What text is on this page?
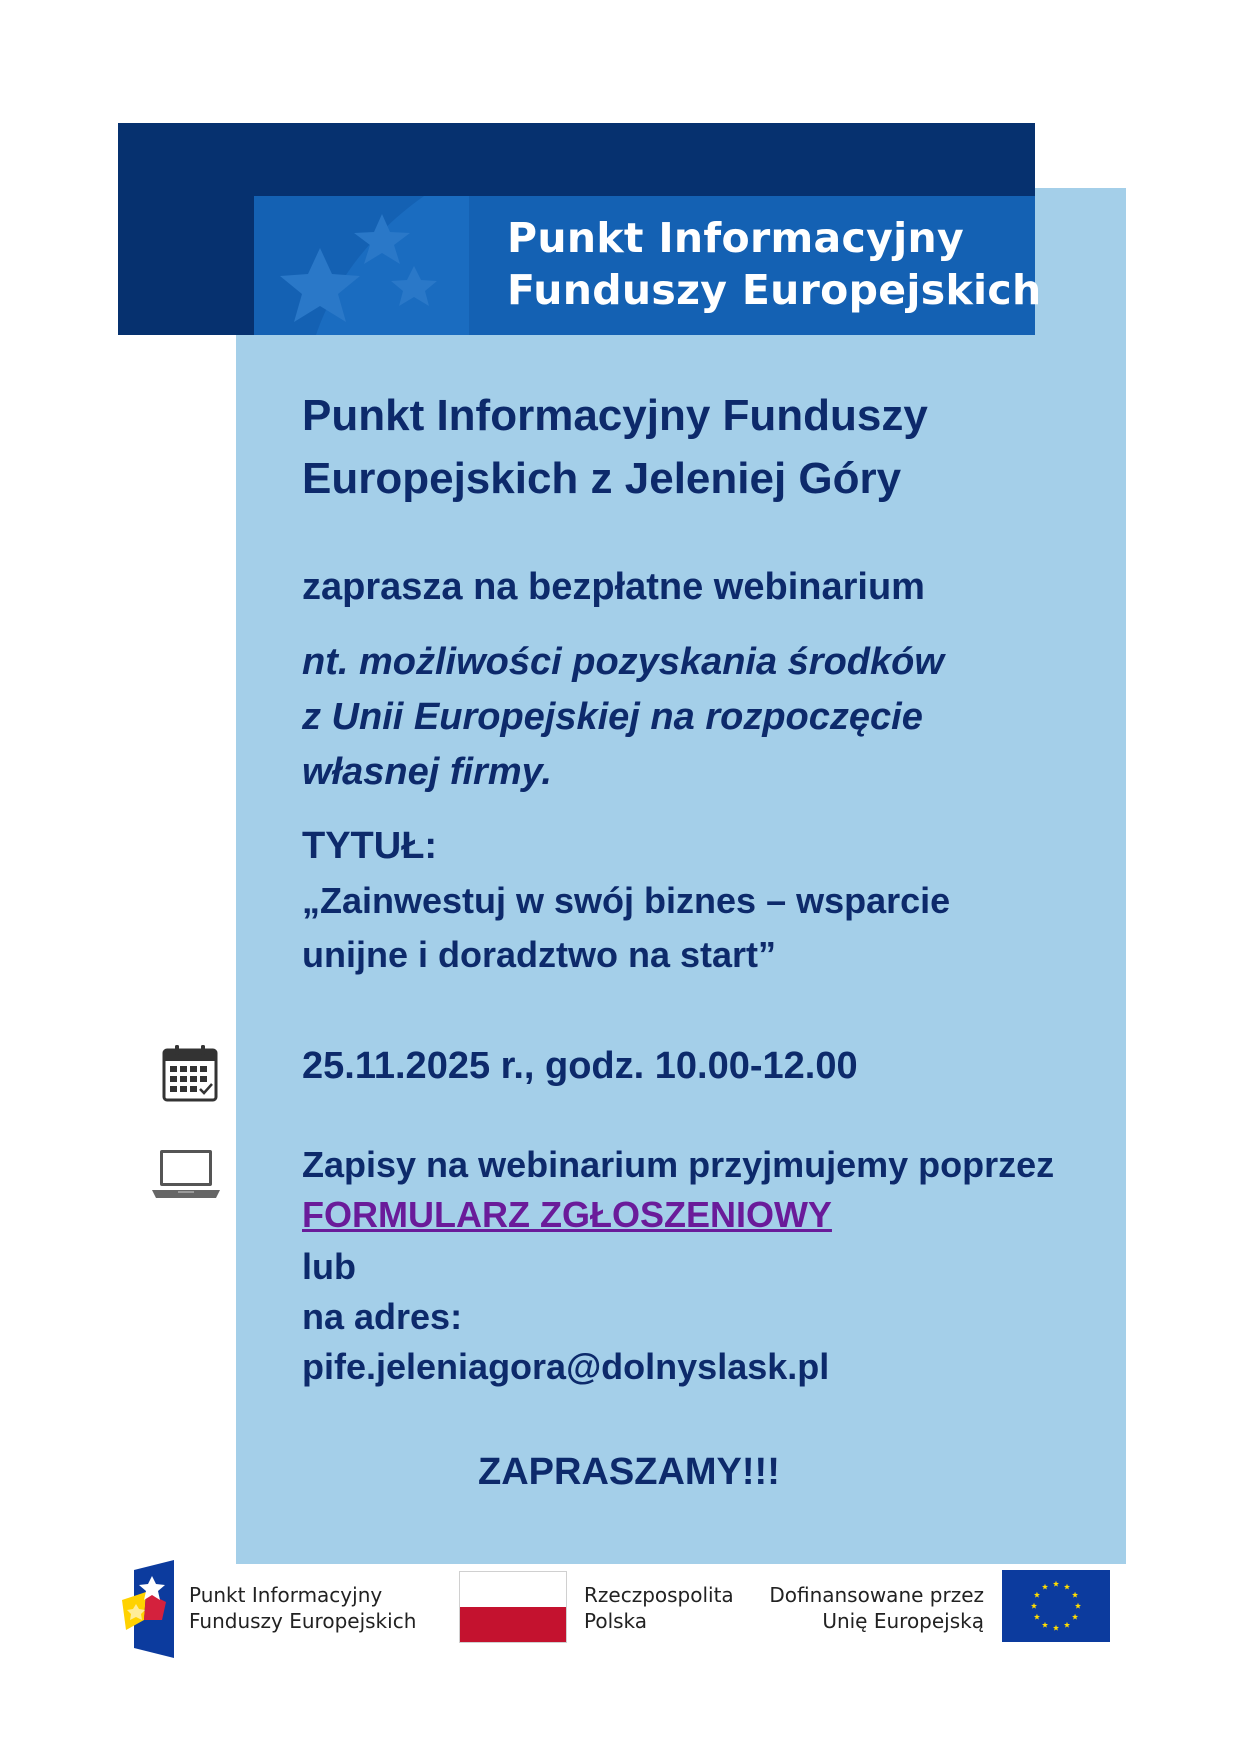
Punkt Informacyjny
Funduszy Europejskich
Punkt Informacyjny Funduszy
Europejskich z Jeleniej Góry
zaprasza na bezpłatne webinarium
nt. możliwości pozyskania środków
z Unii Europejskiej na rozpoczęcie
własnej firmy.
TYTUŁ:
„Zainwestuj w swój biznes – wsparcie
unijne i doradztwo na start”
25.11.2025 r., godz. 10.00-12.00
Zapisy na webinarium przyjmujemy poprzez
FORMULARZ ZGŁOSZENIOWY
lub
na adres:
pife.jeleniagora@dolnyslask.pl
ZAPRASZAMY!!!
Punkt Informacyjny
Funduszy Europejskich
Rzeczpospolita
Polska
Dofinansowane przez
Unię Europejską
